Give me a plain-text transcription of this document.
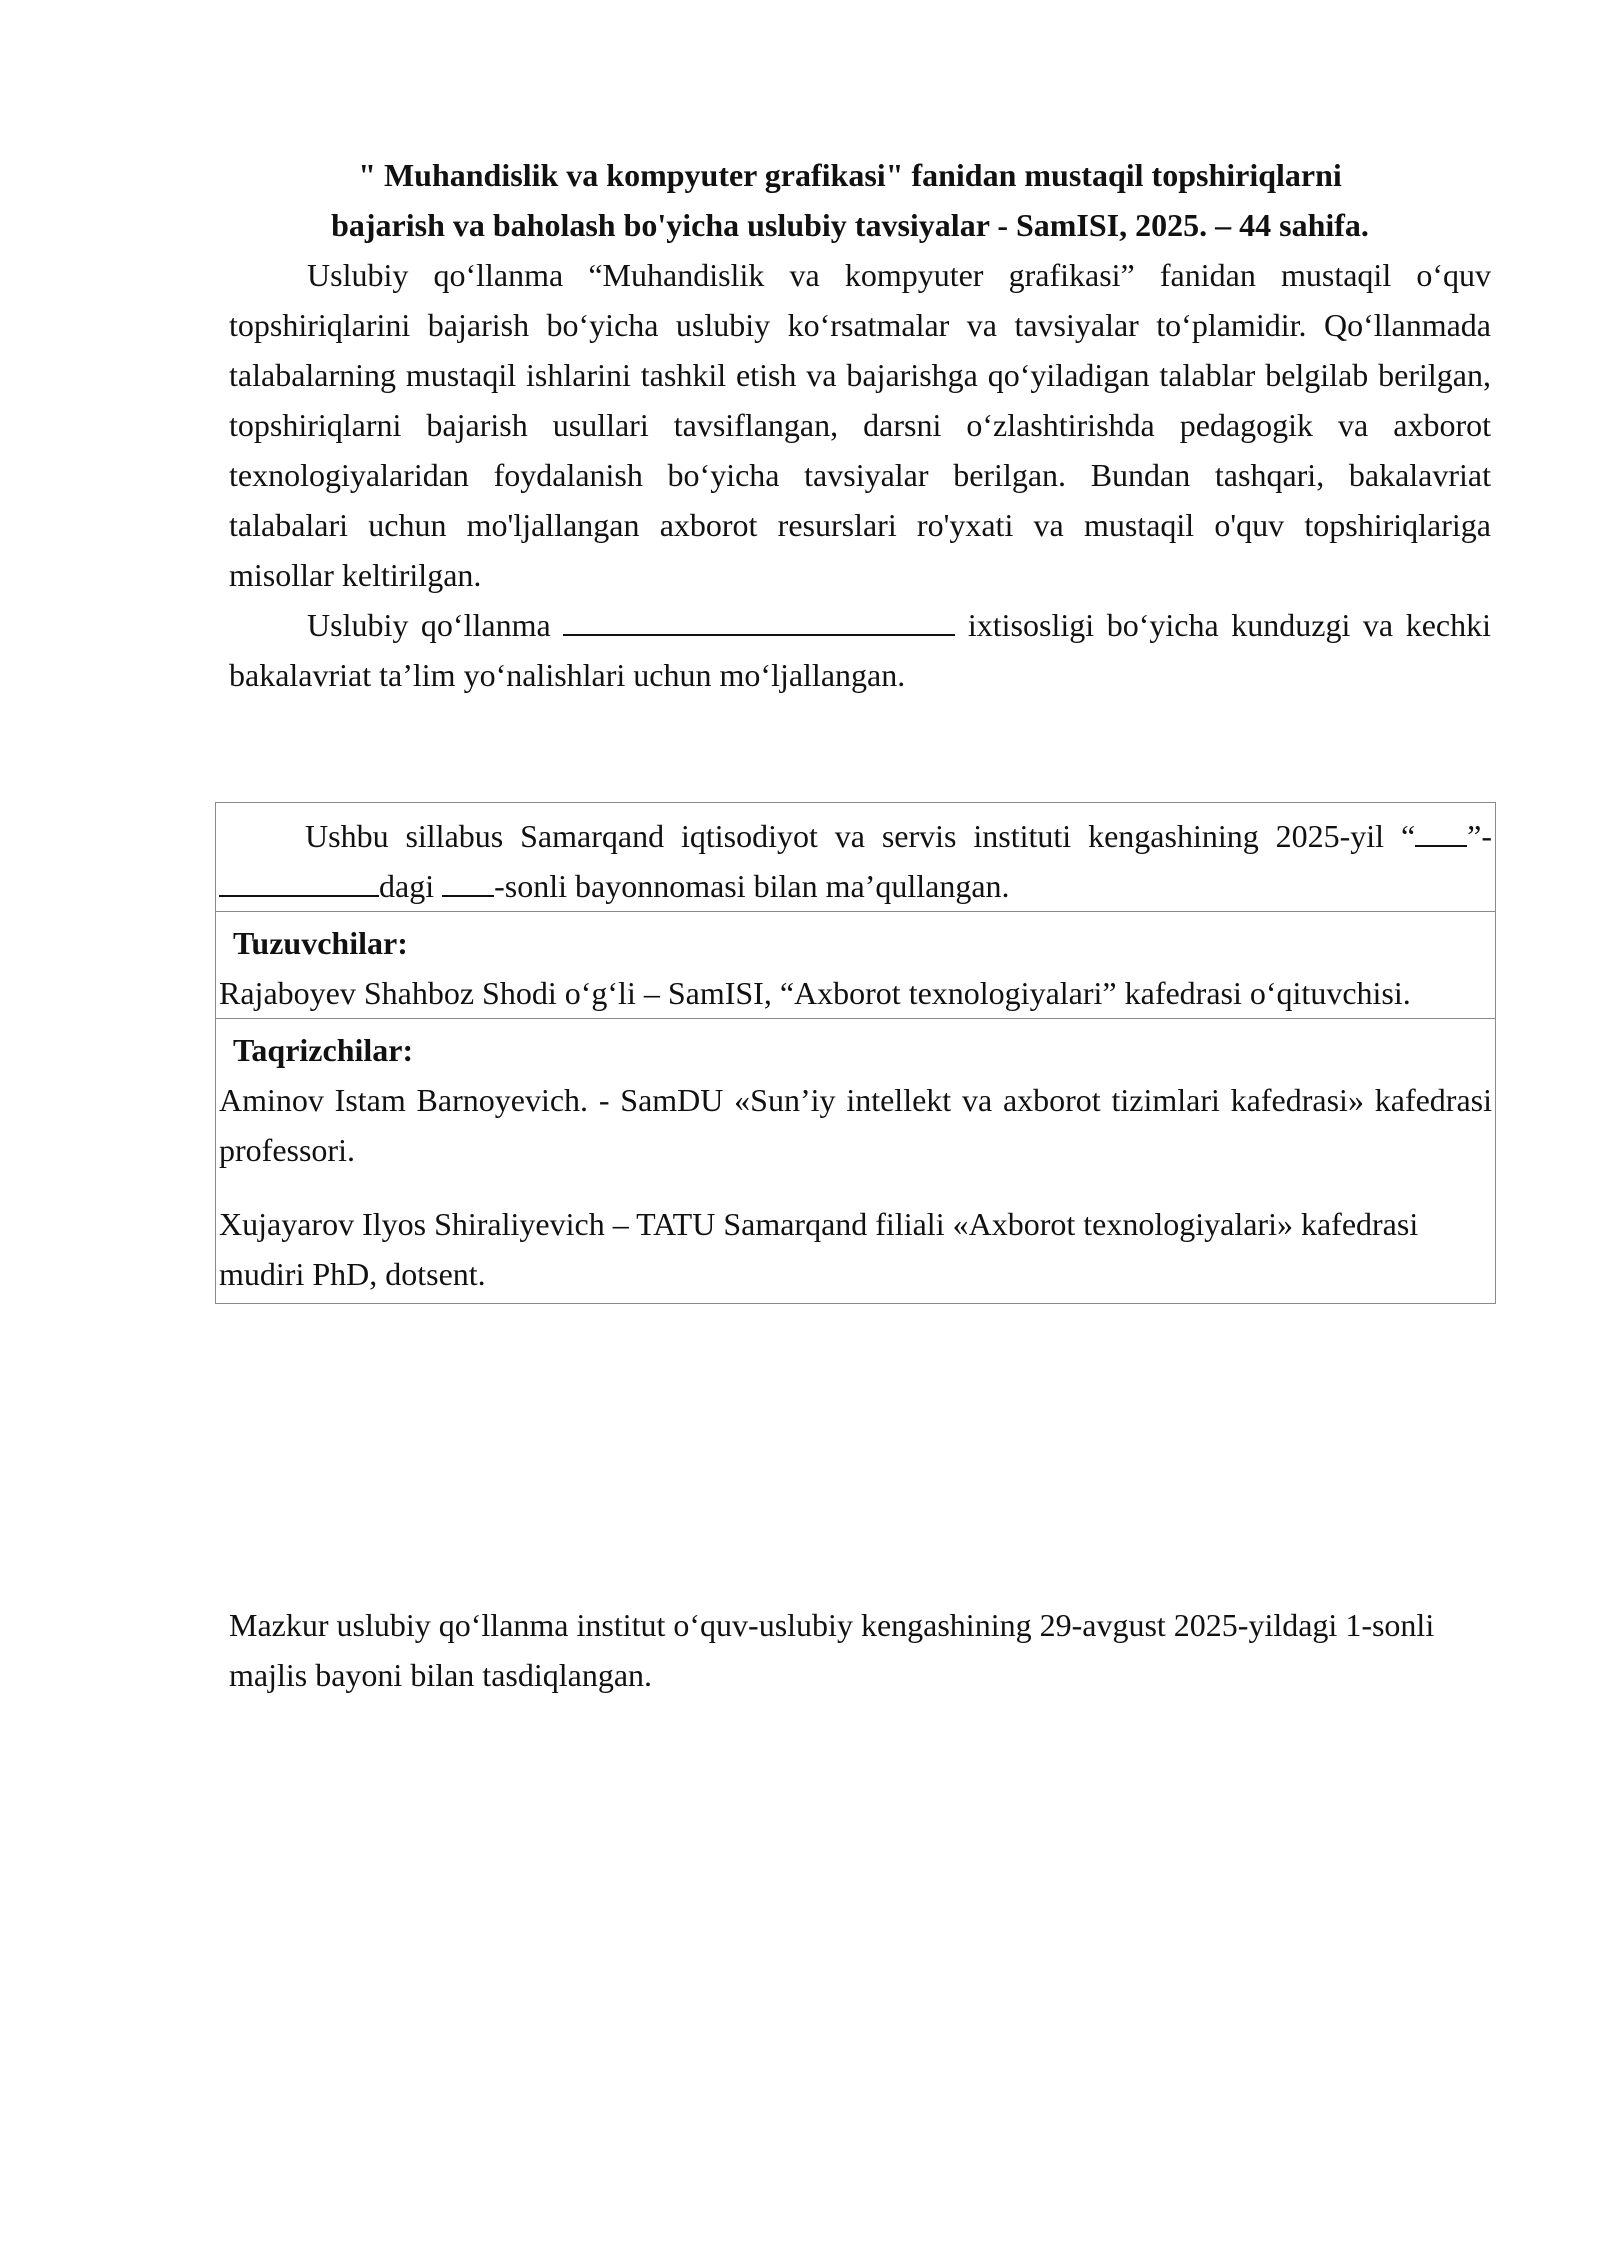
" Muhandislik va kompyuter grafikasi" fanidan mustaqil topshiriqlarni
bajarish va baholash bo'yicha uslubiy tavsiyalar - SamISI, 2025. – 44 sahifa.

Uslubiy qo‘llanma “Muhandislik va kompyuter grafikasi” fanidan mustaqil o‘quv topshiriqlarini bajarish bo‘yicha uslubiy ko‘rsatmalar va tavsiyalar to‘plamidir. Qo‘llanmada talabalarning mustaqil ishlarini tashkil etish va bajarishga qo‘yiladigan talablar belgilab berilgan, topshiriqlarni bajarish usullari tavsiflangan, darsni o‘zlashtirishda pedagogik va axborot texnologiyalaridan foydalanish bo‘yicha tavsiyalar berilgan. Bundan tashqari, bakalavriat talabalari uchun mo'ljallangan axborot resurslari ro'yxati va mustaqil o'quv topshiriqlariga misollar keltirilgan.

Uslubiy qo‘llanma	ixtisosligi bo‘yicha kunduzgi va kechki bakalavriat ta’lim yo‘nalishlari uchun mo‘ljallangan.

Ushbu sillabus Samarqand iqtisodiyot va servis instituti kengashining 2025-yil “ ”-dagi -sonli bayonnomasi bilan ma’qullangan.

Tuzuvchilar:

Rajaboyev Shahboz Shodi o‘g‘li – SamISI, “Axborot texnologiyalari” kafedrasi o‘qituvchisi.

Taqrizchilar:

Aminov Istam Barnoyevich. - SamDU «Sun’iy intellekt va axborot tizimlari kafedrasi» kafedrasi professori.

Xujayarov Ilyos Shiraliyevich – TATU Samarqand filiali «Axborot texnologiyalari» kafedrasi mudiri PhD, dotsent.

Mazkur uslubiy qo‘llanma institut o‘quv-uslubiy kengashining 29-avgust 2025-yildagi 1-sonli majlis bayoni bilan tasdiqlangan.
